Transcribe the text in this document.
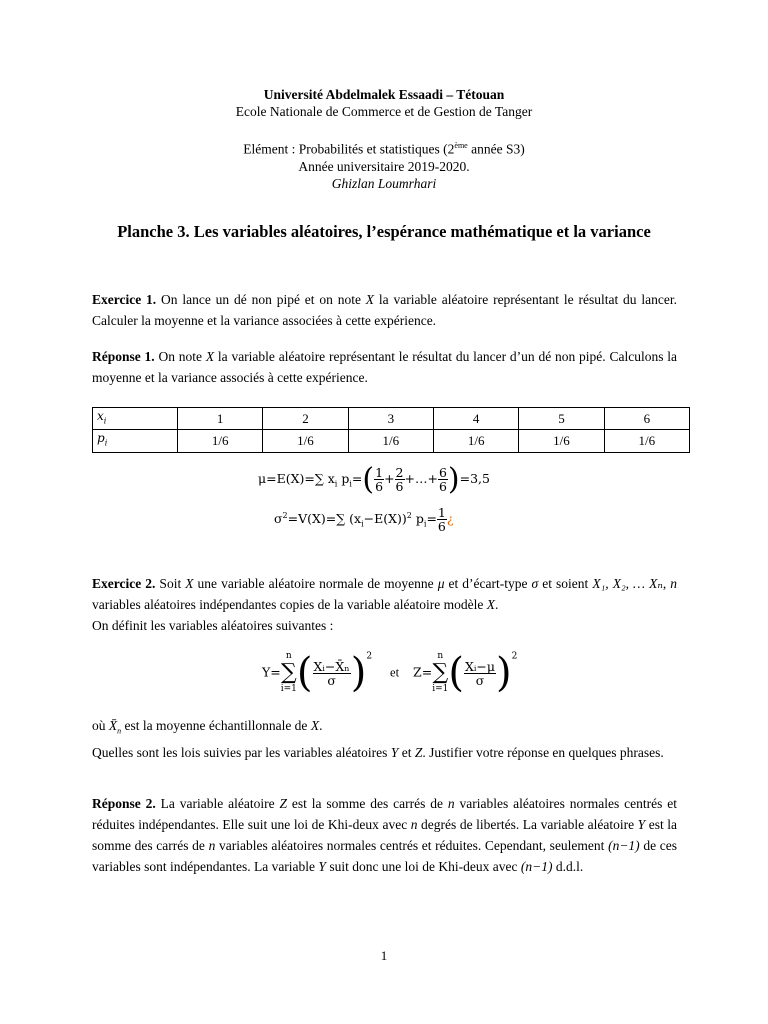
Université Abdelmalek Essaadi – Tétouan
Ecole Nationale de Commerce et de Gestion de Tanger
Elément : Probabilités et statistiques (2ème année S3)
Année universitaire 2019-2020.
Ghizlan Loumrhari
Planche 3. Les variables aléatoires, l’espérance mathématique et la variance
Exercice 1. On lance un dé non pipé et on note X la variable aléatoire représentant le résultat du lancer. Calculer la moyenne et la variance associées à cette expérience.
Réponse 1. On note X la variable aléatoire représentant le résultat du lancer d’un dé non pipé. Calculons la moyenne et la variance associés à cette expérience.
$x_i$	1	2	3	4	5	6
$p_i$	1/6	1/6	1/6	1/6	1/6	1/6
μ=E(X)=∑ $x_i$ $p_i=( \frac{1}{6} + \frac{2}{6}$ +…+ $\frac{6}{6} )=3,5$
$\sigma^2=V(X)=\sum$ $(x_i-E(X))^2$ $p_i= \frac{1}{6}$ ¿
Exercice 2. Soit X une variable aléatoire normale de moyenne μ et d’écart-type σ et soient X₁, X₂, … Xₙ, n variables aléatoires indépendantes copies de la variable aléatoire modèle X.
On définit les variables aléatoires suivantes :
Y=n
∑
$i=1( \frac{\text{Xᵢ−X̄ₙ}}{\sigma} )^2$ et Z=n
∑
$i=1( \frac{\text{Xᵢ−μ}}{\sigma} )^2$
où $X̄_n$ est la moyenne échantillonnale de X.
Quelles sont les lois suivies par les variables aléatoires Y et Z. Justifier votre réponse en quelques phrases.
Réponse 2. La variable aléatoire Z est la somme des carrés de n variables aléatoires normales centrés et réduites indépendantes. Elle suit une loi de Khi-deux avec n degrés de libertés. La variable aléatoire Y est la somme des carrés de n variables aléatoires normales centrés et réduites. Cependant, seulement (n−1) de ces variables sont indépendantes. La variable Y suit donc une loi de Khi-deux avec (n−1) d.d.l.
1
